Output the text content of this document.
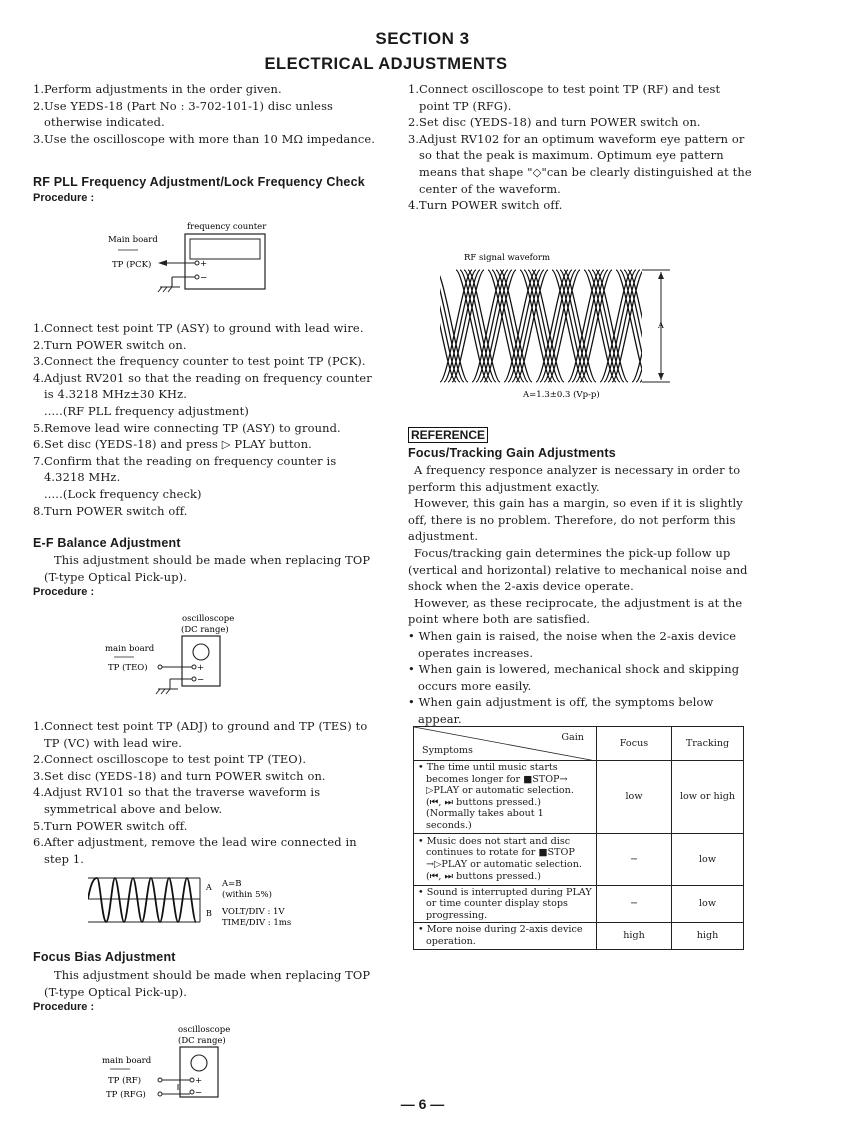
SECTION 3
ELECTRICAL ADJUSTMENTS
1.Perform adjustments in the order given.
2.Use YEDS-18 (Part No : 3-702-101-1) disc unless otherwise indicated.
3.Use the oscilloscope with more than 10 MΩ impedance.
RF PLL Frequency Adjustment/Lock Frequency Check
Procedure :
frequency counter
Main board
TP (PCK)	+
−
1.Connect test point TP (ASY) to ground with lead wire.
2.Turn POWER switch on.
3.Connect the frequency counter to test point TP (PCK).
4.Adjust RV201 so that the reading on frequency counter is 4.3218 MHz±30 KHz.
.....(RF PLL frequency adjustment)
5.Remove lead wire connecting TP (ASY) to ground.
6.Set disc (YEDS-18) and press ▷ PLAY button.
7.Confirm that the reading on frequency counter is 4.3218 MHz.
.....(Lock frequency check)
8.Turn POWER switch off.
E-F Balance Adjustment
This adjustment should be made when replacing TOP (T-type Optical Pick-up).
Procedure :
oscilloscope
(DC range)
main board
TP (TEO)	+
−
1.Connect test point TP (ADJ) to ground and TP (TES) to TP (VC) with lead wire.
2.Connect oscilloscope to test point TP (TEO).
3.Set disc (YEDS-18) and turn POWER switch on.
4.Adjust RV101 so that the traverse waveform is symmetrical above and below.
5.Turn POWER switch off.
6.After adjustment, remove the lead wire connected in step 1.
A
B
A=B
(within 5%)
VOLT/DIV : 1V
TIME/DIV : 1ms
Focus Bias Adjustment
This adjustment should be made when replacing TOP (T-type Optical Pick-up).
Procedure :
oscilloscope
(DC range)
main board
TP (RF)
TP (RFG)
+
−
1.Connect oscilloscope to test point TP (RF) and test point TP (RFG).
2.Set disc (YEDS-18) and turn POWER switch on.
3.Adjust RV102 for an optimum waveform eye pattern or so that the peak is maximum. Optimum eye pattern means that shape "◇"can be clearly distinguished at the center of the waveform.
4.Turn POWER switch off.
RF signal waveform
A
A=1.3±0.3 (Vp-p)
REFERENCE
Focus/Tracking Gain Adjustments
A frequency responce analyzer is necessary in order to perform this adjustment exactly.
However, this gain has a margin, so even if it is slightly off, there is no problem. Therefore, do not perform this adjustment.
Focus/tracking gain determines the pick-up follow up (vertical and horizontal) relative to mechanical noise and shock when the 2-axis device operate.
However, as these reciprocate, the adjustment is at the point where both are satisfied.
• When gain is raised, the noise when the 2-axis device operates increases.
• When gain is lowered, mechanical shock and skipping occurs more easily.
• When gain adjustment is off, the symptoms below appear.
Gain
Symptoms	Focus	Tracking
• The time until music starts becomes longer for ■STOP→ ▷PLAY or automatic selection. (⏮, ⏭ buttons pressed.) (Normally takes about 1 seconds.)	low	low or high
• Music does not start and disc continues to rotate for ■STOP →▷PLAY or automatic selection. (⏮, ⏭ buttons pressed.)	−	low
• Sound is interrupted during PLAY or time counter display stops progressing.	−	low
• More noise during 2-axis device operation.	high	high
— 6 —
